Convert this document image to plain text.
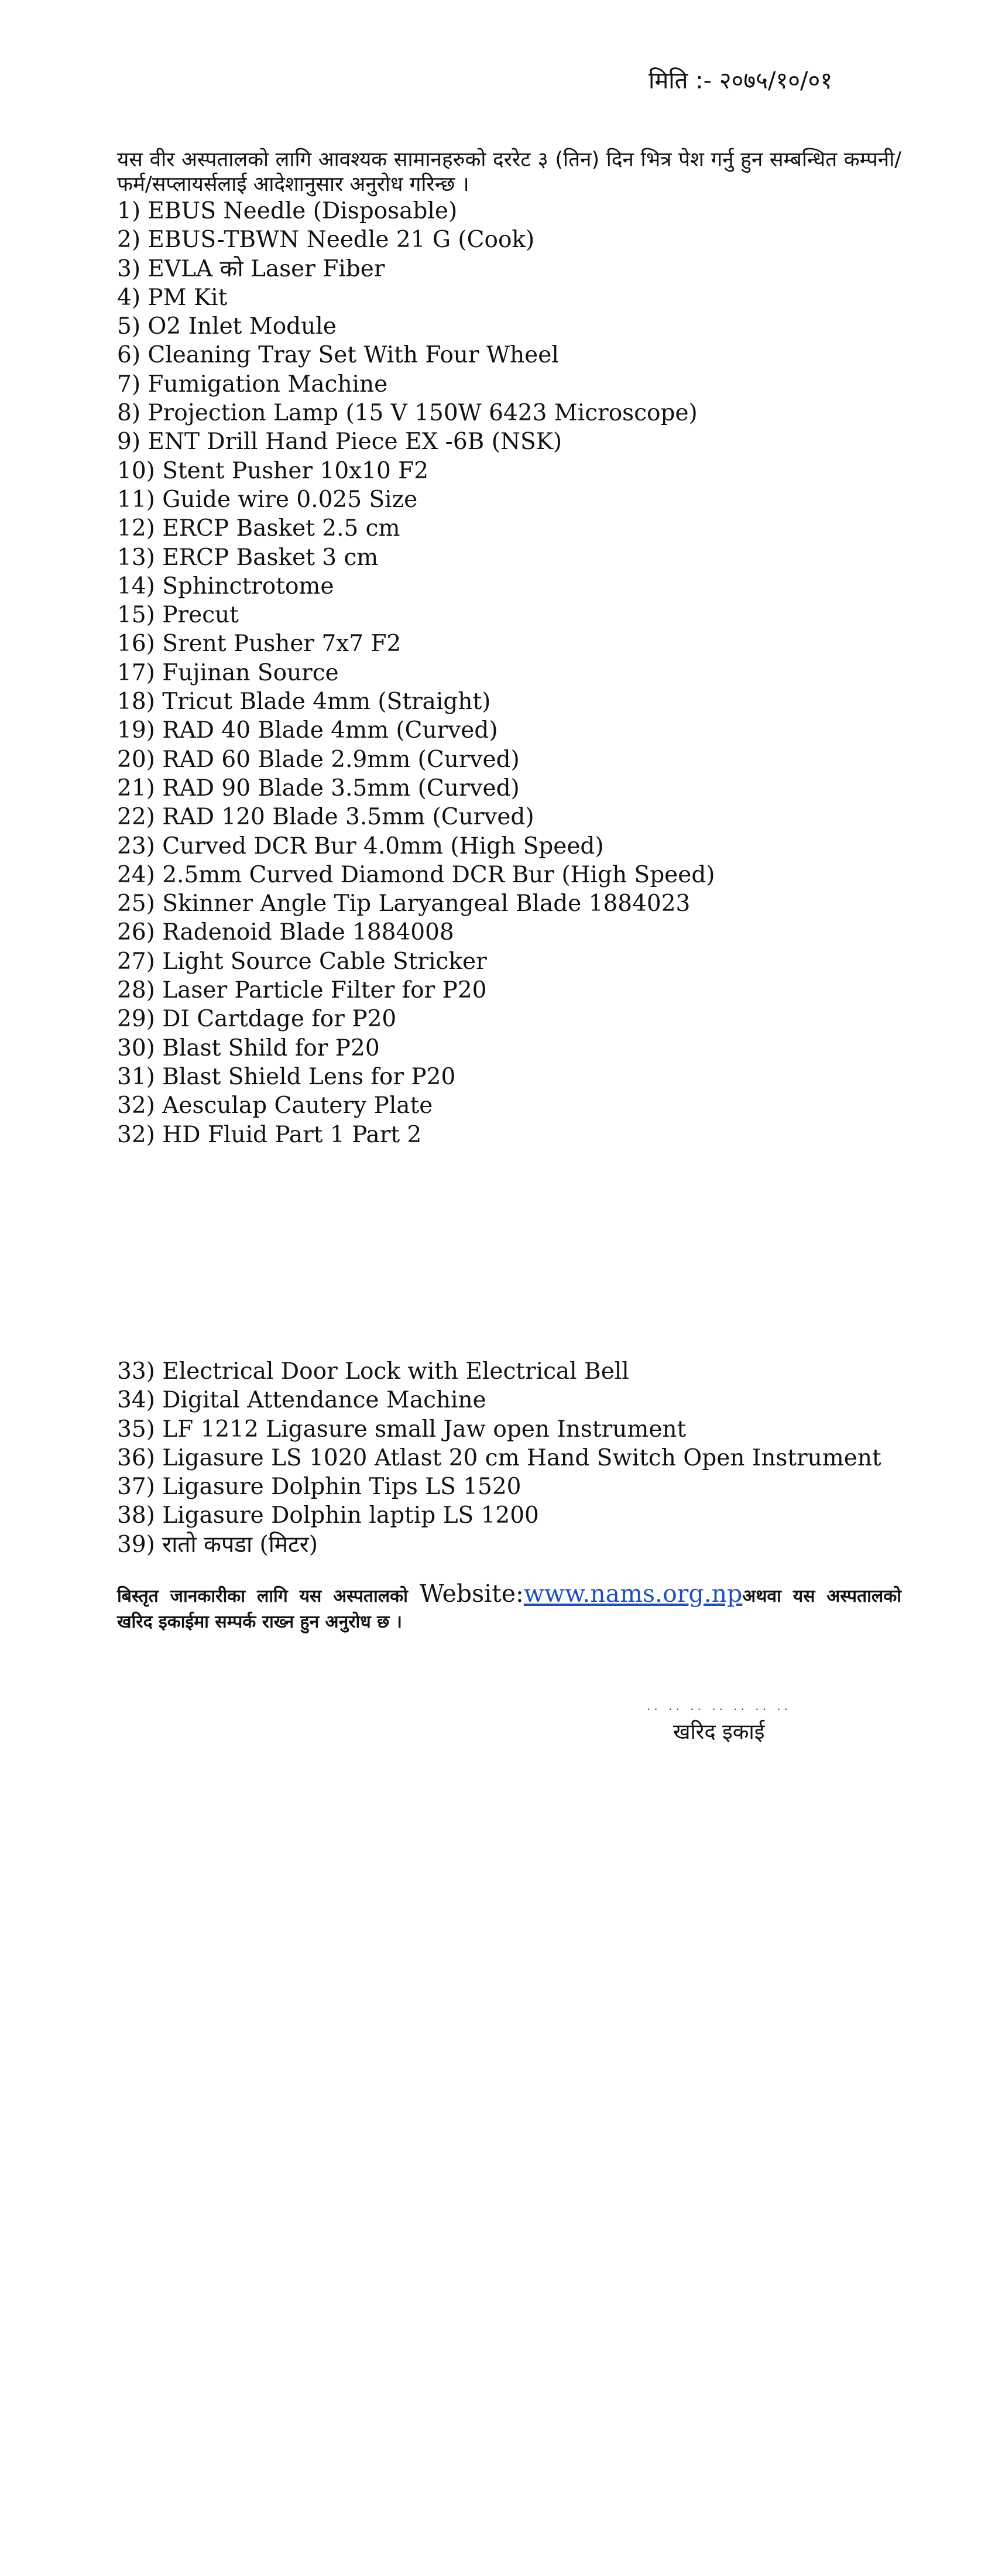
मिति :- २०७५/१०/०१
यस वीर अस्पतालको लागि आवश्यक सामानहरुको दररेट ३ (तिन) दिन भित्र पेश गर्नु हुन सम्बन्धित कम्पनी/फर्म/सप्लायर्सलाई आदेशानुसार अनुरोध गरिन्छ ।
1) EBUS Needle (Disposable)
2) EBUS-TBWN Needle 21 G (Cook)
3) EVLA को Laser Fiber
4) PM Kit
5) O2 Inlet Module
6) Cleaning Tray Set With Four Wheel
7) Fumigation Machine
8) Projection Lamp (15 V 150W 6423 Microscope)
9) ENT Drill Hand Piece EX -6B (NSK)
10) Stent Pusher 10x10 F2
11) Guide wire 0.025 Size
12) ERCP Basket 2.5 cm
13) ERCP Basket 3 cm
14) Sphinctrotome
15) Precut
16) Srent Pusher 7x7 F2
17) Fujinan Source
18) Tricut Blade 4mm (Straight)
19) RAD 40 Blade 4mm (Curved)
20) RAD 60 Blade 2.9mm (Curved)
21) RAD 90 Blade 3.5mm (Curved)
22) RAD 120 Blade 3.5mm (Curved)
23) Curved DCR Bur 4.0mm (High Speed)
24) 2.5mm Curved Diamond DCR Bur (High Speed)
25) Skinner Angle Tip Laryangeal Blade 1884023
26) Radenoid Blade 1884008
27) Light Source Cable Stricker
28) Laser Particle Filter for P20
29) DI Cartdage for P20
30) Blast Shild for P20
31) Blast Shield Lens for P20
32) Aesculap Cautery Plate
32) HD Fluid Part 1 Part 2
33) Electrical Door Lock with Electrical Bell
34) Digital Attendance Machine
35) LF 1212 Ligasure small Jaw open Instrument
36) Ligasure LS 1020 Atlast 20 cm Hand Switch Open Instrument
37) Ligasure Dolphin Tips LS 1520
38) Ligasure Dolphin laptip LS 1200
39) रातो कपडा (मिटर)
बिस्तृत जानकारीका लागि यस अस्पतालको Website:www.nams.org.npअथवा यस अस्पतालको खरिद इकाईमा सम्पर्क राख्न हुन अनुरोध छ ।
.. .. .. .. .. .. ..
खरिद इकाई
